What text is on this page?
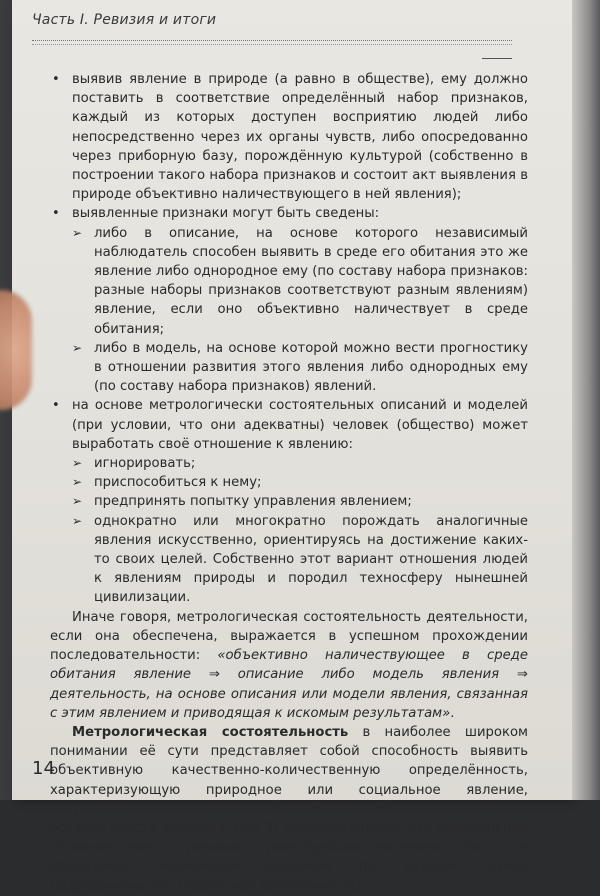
Часть I. Ревизия и итоги

• выявив явление в природе (а равно в обществе), ему должно поставить в соответствие определённый набор признаков, каждый из которых доступен восприятию людей либо непосредственно через их органы чувств, либо опосредованно через приборную базу, порождённую культурой (собственно в построении такого набора признаков и состоит акт выявления в природе объективно наличествующего в ней явления);

• выявленные признаки могут быть сведены:

➢ либо в описание, на основе которого независимый наблюдатель способен выявить в среде его обитания это же явление либо однородное ему (по составу набора признаков: разные наборы признаков соответствуют разным явлениям) явление, если оно объективно наличествует в среде обитания;

➢ либо в модель, на основе которой можно вести прогностику в отношении развития этого явления либо однородных ему (по составу набора признаков) явлений.

• на основе метрологически состоятельных описаний и моделей (при условии, что они адекватны) человек (общество) может выработать своё отношение к явлению:

➢ игнорировать;

➢ приспособиться к нему;

➢ предпринять попытку управления явлением;

➢ однократно или многократно порождать аналогичные явления искусственно, ориентируясь на достижение каких-то своих целей. Собственно этот вариант отношения людей к явлениям природы и породил техносферу нынешней цивилизации.

Иначе говоря, метрологическая состоятельность деятельности, если она обеспечена, выражается в успешном прохождении последовательности: «объективно наличествующее в среде обитания явление ⇒ описание либо модель явления ⇒ деятельность, на основе описания или модели явления, связанная с этим явлением и приводящая к искомым результатам».

Метрологическая состоятельность в наиболее широком понимании её сути представляет собой способность выявить объективную качественно-количественную определённость, характеризующую природное или социальное явление, посредством: 1) измерительно-приборной базы науки или 2) органов чувств человека, или 3) «умозрительно». Это определение относимо как к реально существующим явлениям, так и к объективно возможным явлениям (во втором случае подразумевается творческая деятельность).

14
